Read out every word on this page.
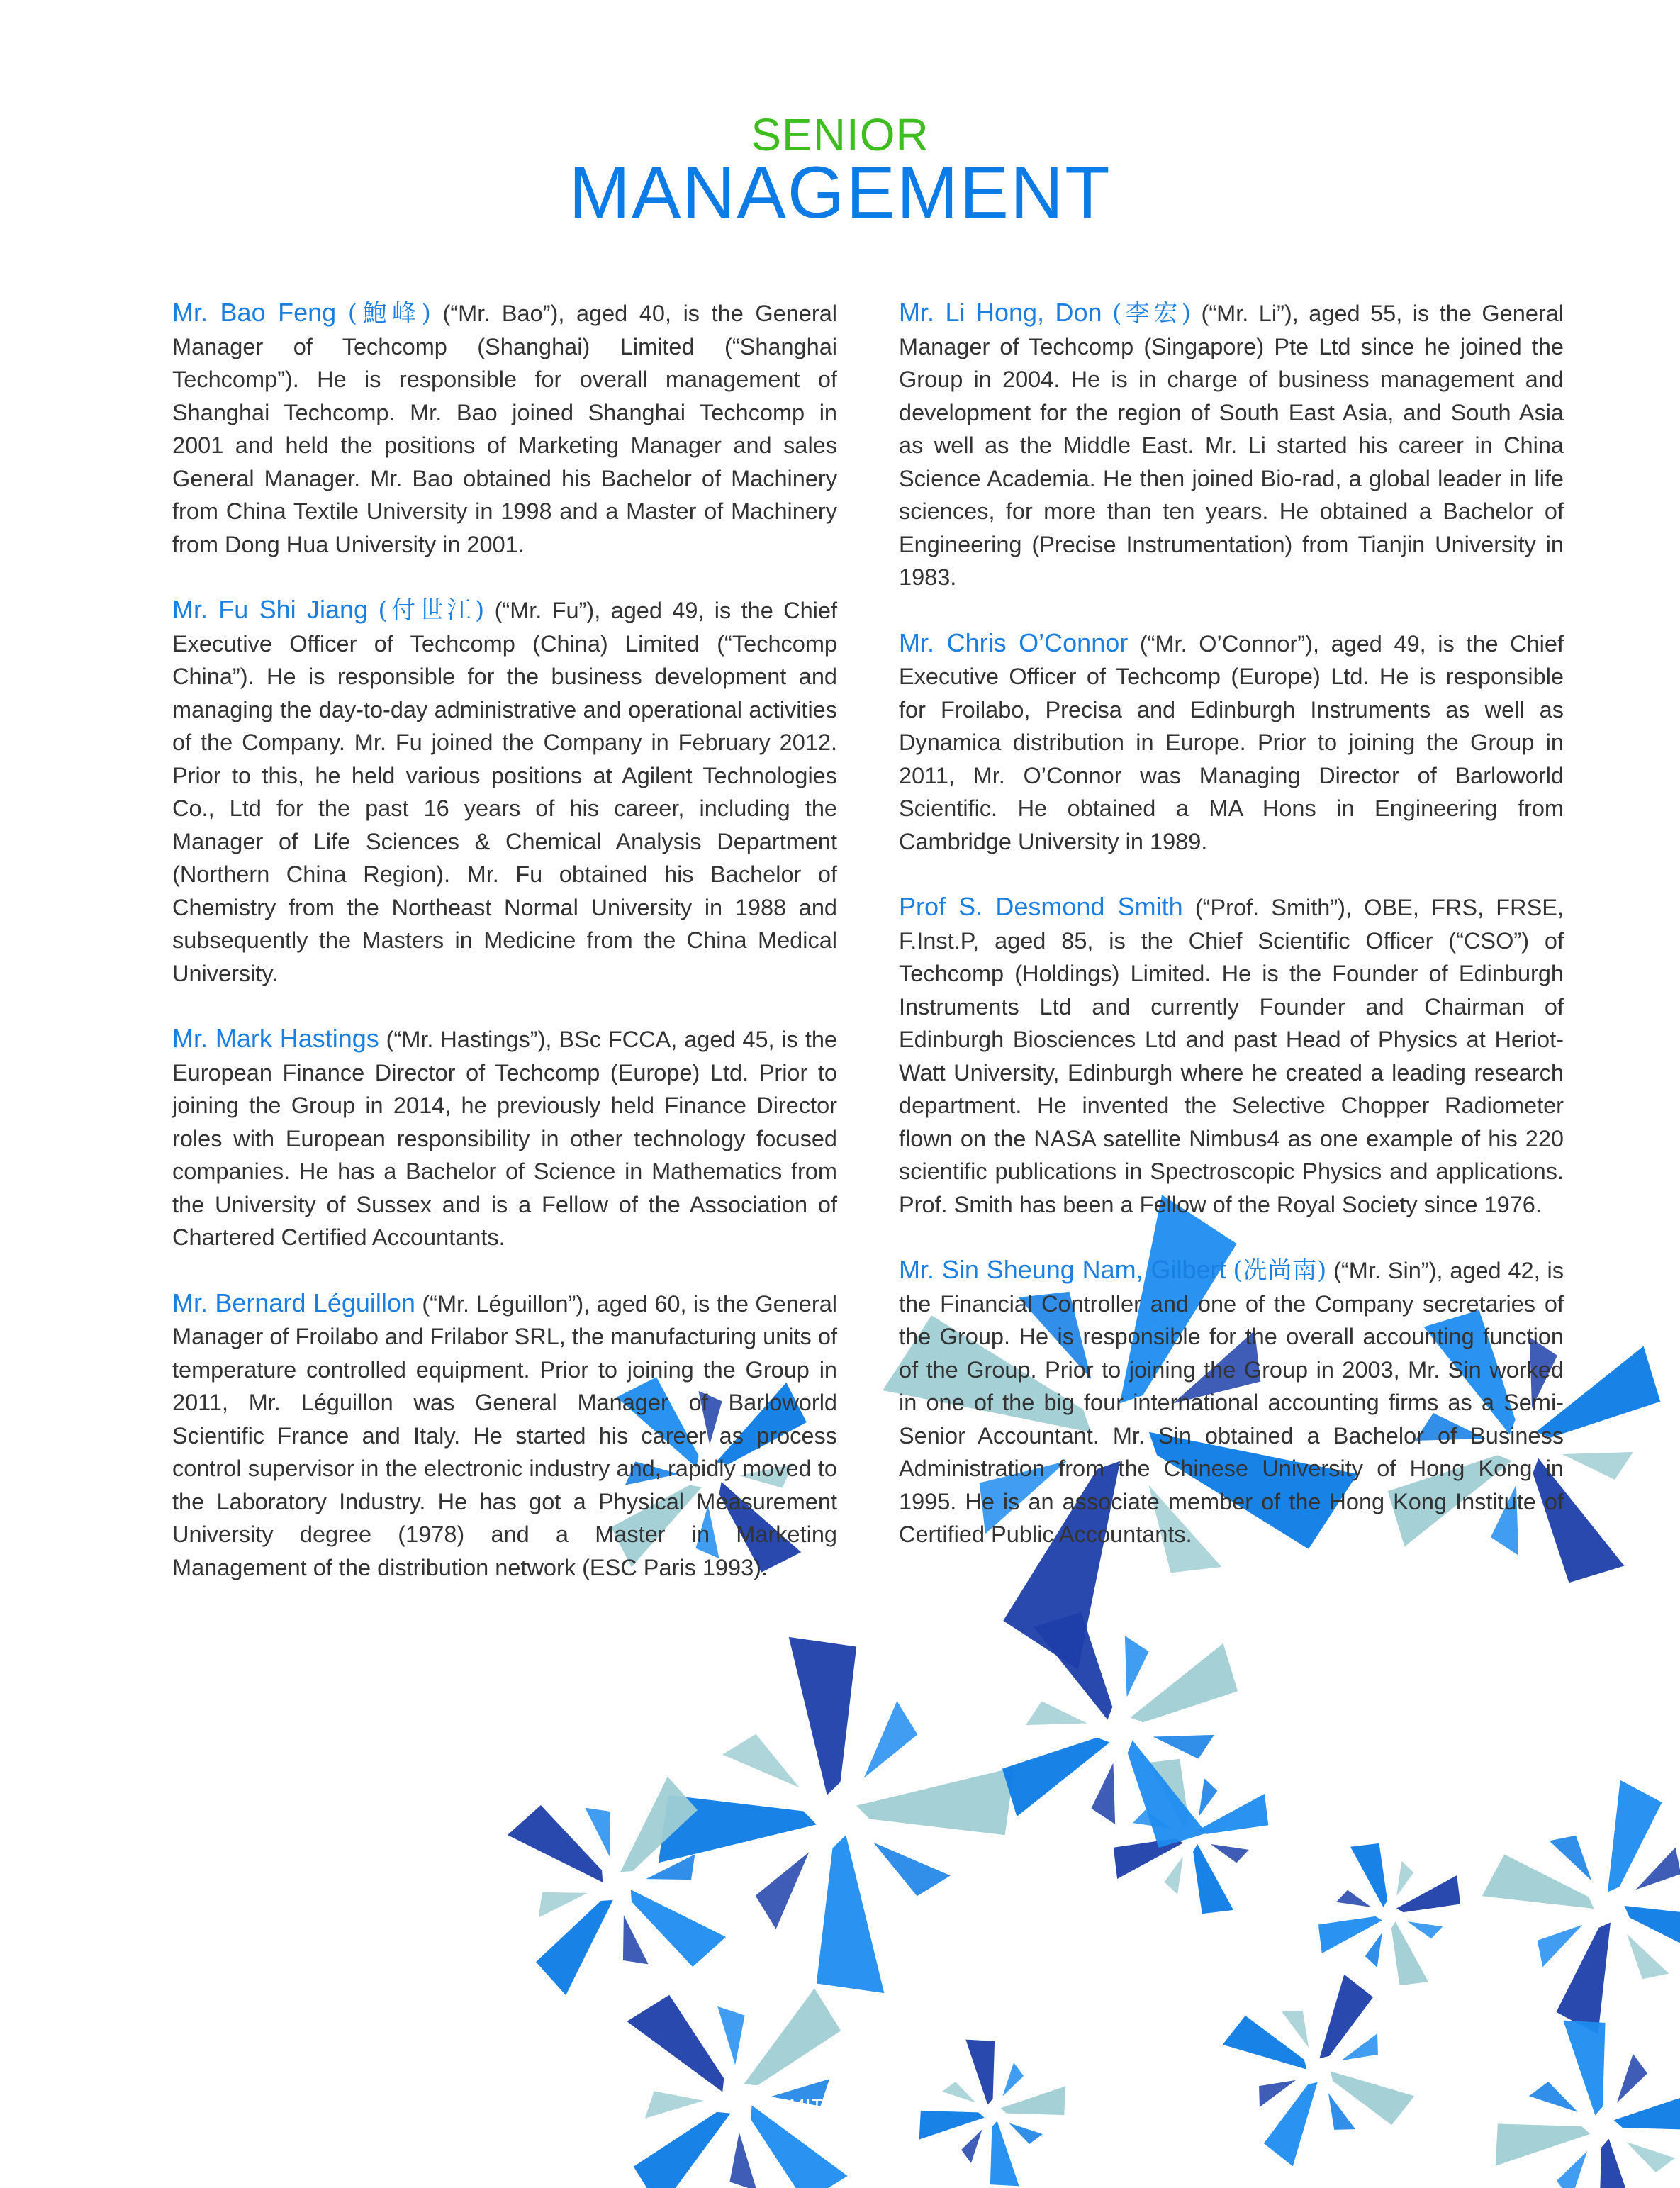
SENIOR
MANAGEMENT

Mr. Bao Feng (鮑峰) (“Mr. Bao”), aged 40, is the General Manager of Techcomp (Shanghai) Limited (“Shanghai Techcomp”). He is responsible for overall management of Shanghai Techcomp. Mr. Bao joined Shanghai Techcomp in 2001 and held the positions of Marketing Manager and sales General Manager. Mr. Bao obtained his Bachelor of Machinery from China Textile University in 1998 and a Master of Machinery from Dong Hua University in 2001.

Mr. Fu Shi Jiang (付世江) (“Mr. Fu”), aged 49, is the Chief Executive Officer of Techcomp (China) Limited (“Techcomp China”). He is responsible for the business development and managing the day-to-day administrative and operational activities of the Company. Mr. Fu joined the Company in February 2012. Prior to this, he held various positions at Agilent Technologies Co., Ltd for the past 16 years of his career, including the Manager of Life Sciences & Chemical Analysis Department (Northern China Region). Mr. Fu obtained his Bachelor of Chemistry from the Northeast Normal University in 1988 and subsequently the Masters in Medicine from the China Medical University.

Mr. Mark Hastings (“Mr. Hastings”), BSc FCCA, aged 45, is the European Finance Director of Techcomp (Europe) Ltd. Prior to joining the Group in 2014, he previously held Finance Director roles with European responsibility in other technology focused companies. He has a Bachelor of Science in Mathematics from the University of Sussex and is a Fellow of the Association of Chartered Certified Accountants.

Mr. Bernard Léguillon (“Mr. Léguillon”), aged 60, is the General Manager of Froilabo and Frilabor SRL, the manufacturing units of temperature controlled equipment. Prior to joining the Group in 2011, Mr. Léguillon was General Manager of Barloworld Scientific France and Italy. He started his career as process control supervisor in the electronic industry and, rapidly moved to the Laboratory Industry. He has got a Physical Measurement University degree (1978) and a Master in Marketing Management of the distribution network (ESC Paris 1993).

Mr. Li Hong, Don (李宏) (“Mr. Li”), aged 55, is the General Manager of Techcomp (Singapore) Pte Ltd since he joined the Group in 2004. He is in charge of business management and development for the region of South East Asia, and South Asia as well as the Middle East. Mr. Li started his career in China Science Academia. He then joined Bio-rad, a global leader in life sciences, for more than ten years. He obtained a Bachelor of Engineering (Precise Instrumentation) from Tianjin University in 1983.

Mr. Chris O’Connor (“Mr. O’Connor”), aged 49, is the Chief Executive Officer of Techcomp (Europe) Ltd. He is responsible for Froilabo, Precisa and Edinburgh Instruments as well as Dynamica distribution in Europe. Prior to joining the Group in 2011, Mr. O’Connor was Managing Director of Barloworld Scientific. He obtained a MA Hons in Engineering from Cambridge University in 1989.

Prof S. Desmond Smith (“Prof. Smith”), OBE, FRS, FRSE, F.Inst.P, aged 85, is the Chief Scientific Officer (“CSO”) of Techcomp (Holdings) Limited. He is the Founder of Edinburgh Instruments Ltd and currently Founder and Chairman of Edinburgh Biosciences Ltd and past Head of Physics at Heriot-Watt University, Edinburgh where he created a leading research department. He invented the Selective Chopper Radiometer flown on the NASA satellite Nimbus4 as one example of his 220 scientific publications in Spectroscopic Physics and applications. Prof. Smith has been a Fellow of the Royal Society since 1976.

Mr. Sin Sheung Nam, Gilbert (冼尚南) (“Mr. Sin”), aged 42, is the Financial Controller and one of the Company secretaries of the Group. He is responsible for the overall accounting function of the Group. Prior to joining the Group in 2003, Mr. Sin worked in one of the big four international accounting firms as a Semi-Senior Accountant. Mr. Sin obtained a Bachelor of Business Administration from the Chinese University of Hong Kong in 1995. He is an associate member of the Hong Kong Institute of Certified Public Accountants.

LIMITED | ANN
